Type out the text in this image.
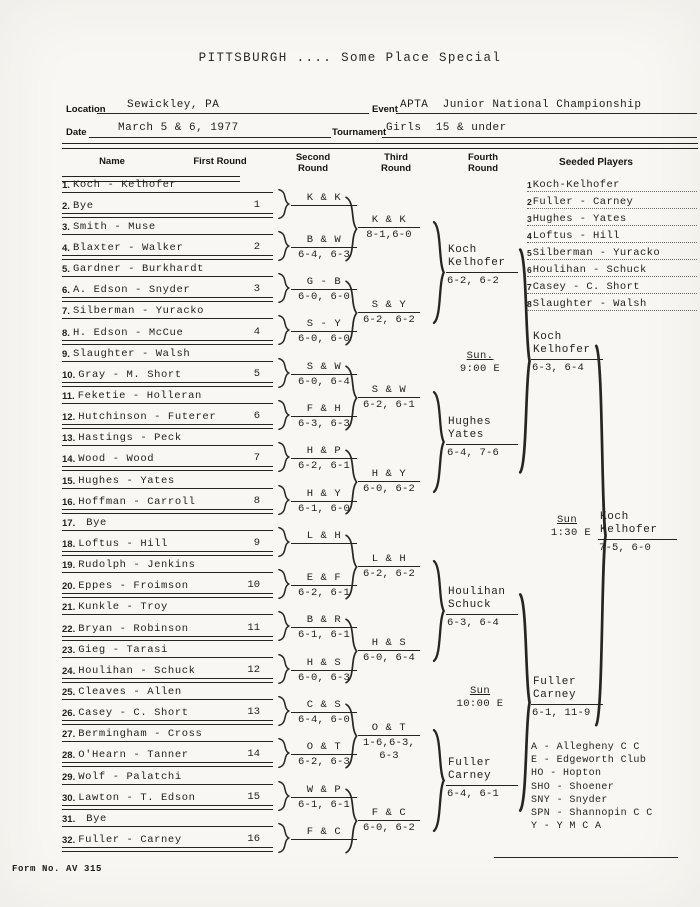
PITTSBURGH .... Some Place Special
Location Sewickley, PA	Event APTA  Junior National Championship
Date	March 5 & 6, 1977	Tournament Girls  15 & under
Name	First Round	Second Round
Third Round
Fourth Round
Seeded Players
1. Koch - Kelhofer
2. Bye	1
3. Smith - Muse
4. Blaxter - Walker	2
5. Gardner - Burkhardt
6. A. Edson - Snyder	3
7. Silberman - Yuracko
8. H. Edson - McCue	4
9. Slaughter - Walsh
10. Gray - M. Short	5
11. Feketie - Holleran
12. Hutchinson - Futerer	6
13. Hastings - Peck
14. Wood - Wood	7
15. Hughes - Yates
16. Hoffman - Carroll	8
17. Bye
18. Loftus - Hill	9
19. Rudolph - Jenkins
20. Eppes - Froimson	10
21. Kunkle - Troy
22. Bryan - Robinson	11
23. Gieg - Tarasi
24. Houlihan - Schuck	12
25. Cleaves - Allen
26. Casey - C. Short	13
27. Bermingham - Cross
28. O'Hearn - Tanner	14
29. Wolf - Palatchi
30. Lawton - T. Edson	15
31. Bye
32. Fuller - Carney	16
K & K
B & W
6-4, 6-3
G - B
6-0, 6-0
S - Y
6-0, 6-0
S & W
6-0, 6-4
F & H
6-3, 6-3
H & P
6-2, 6-1
H & Y
6-1, 6-0
L & H
E & F
6-2, 6-1
B & R
6-1, 6-1
H & S
6-0, 6-3
C & S
6-4, 6-0
O & T
6-2, 6-3
W & P
6-1, 6-1
F & C
K & K
8-1,6-0
S & Y
6-2, 6-2
S & W
6-2, 6-1
H & Y
6-0, 6-2
L & H
6-2, 6-2
H & S
6-0, 6-4
O & T
1-6,6-3,
6-3
F & C
6-0, 6-2
Koch
Kelhofer
6-2, 6-2
Hughes
Yates
6-4, 7-6
Houlihan
Schuck
6-3, 6-4
Fuller
Carney
6-4, 6-1
Sun.
9:00 E
Sun
10:00 E
Sun
1:30 E
Koch
Kelhofer
6-3, 6-4
Fuller
Carney
6-1, 11-9
Koch
Kelhofer
7-5, 6-0
1 Koch-Kelhofer
2 Fuller - Carney
3 Hughes - Yates
4 Loftus - Hill
5 Silberman - Yuracko
6 Houlihan - Schuck
7 Casey - C. Short
8 Slaughter - Walsh
A - Allegheny C C
E - Edgeworth Club
HO - Hopton
SHO - Shoener
SNY - Snyder
SPN - Shannopin C C
Y - Y M C A
Form No. AV 315
